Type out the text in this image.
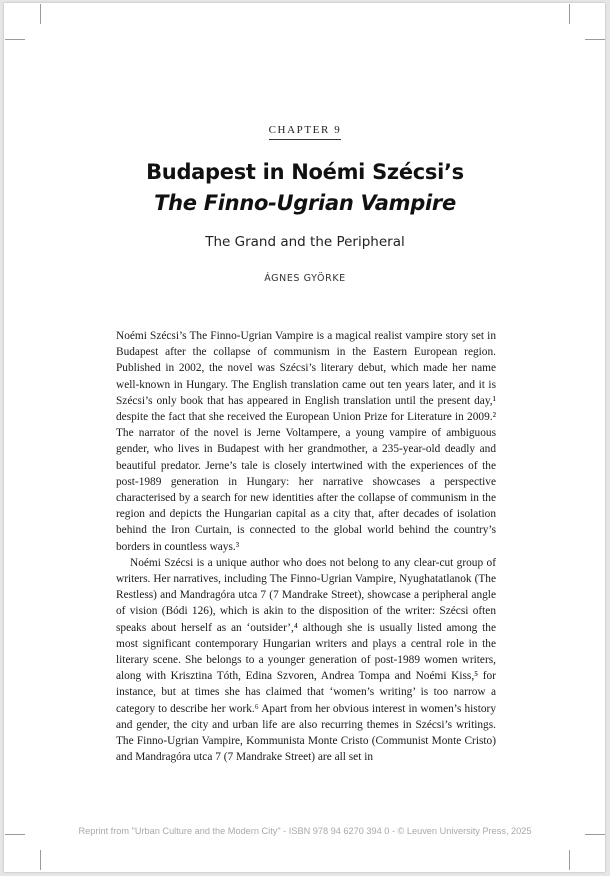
CHAPTER 9
Budapest in Noémi Szécsi’s
The Finno-Ugrian Vampire
The Grand and the Peripheral
ÁGNES GYÖRKE

Noémi Szécsi’s The Finno-Ugrian Vampire is a magical realist vampire story set in Budapest after the collapse of communism in the Eastern European region. Published in 2002, the novel was Szécsi’s literary debut, which made her name well-known in Hungary. The English translation came out ten years later, and it is Szécsi’s only book that has appeared in English translation until the present day,¹ despite the fact that she received the European Union Prize for Literature in 2009.² The narrator of the novel is Jerne Voltampere, a young vampire of ambiguous gender, who lives in Budapest with her grandmother, a 235-year-old deadly and beautiful predator. Jerne’s tale is closely intertwined with the experiences of the post-1989 generation in Hungary: her narrative showcases a perspective characterised by a search for new identities after the collapse of communism in the region and depicts the Hungarian capital as a city that, after decades of isolation behind the Iron Curtain, is connected to the global world behind the country’s borders in countless ways.³

Noémi Szécsi is a unique author who does not belong to any clear-cut group of writers. Her narratives, including The Finno-Ugrian Vampire, Nyughatatlanok (The Restless) and Mandragóra utca 7 (7 Mandrake Street), showcase a peripheral angle of vision (Bódi 126), which is akin to the disposition of the writer: Szécsi often speaks about herself as an ‘outsider’,⁴ although she is usually listed among the most significant contemporary Hungarian writers and plays a central role in the literary scene. She belongs to a younger generation of post-1989 women writers, along with Krisztina Tóth, Edina Szvoren, Andrea Tompa and Noémi Kiss,⁵ for instance, but at times she has claimed that ‘women’s writing’ is too narrow a category to describe her work.⁶ Apart from her obvious interest in women’s history and gender, the city and urban life are also recurring themes in Szécsi’s writings. The Finno-Ugrian Vampire, Kommunista Monte Cristo (Communist Monte Cristo) and Mandragóra utca 7 (7 Mandrake Street) are all set in

Reprint from "Urban Culture and the Modern City" - ISBN 978 94 6270 394 0 - © Leuven University Press, 2025
